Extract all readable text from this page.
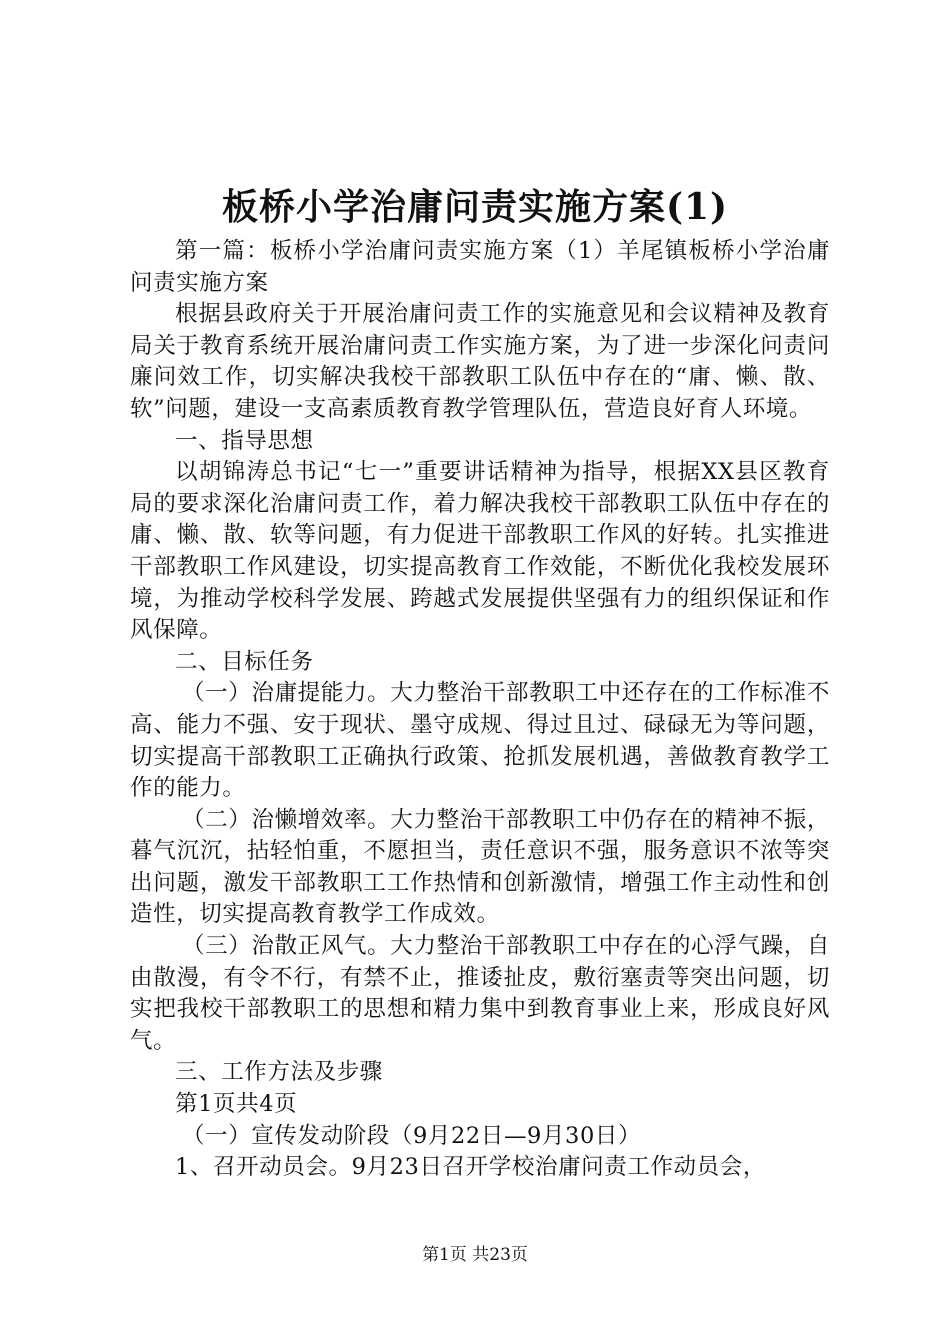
板桥小学治庸问责实施方案(1)

第一篇：板桥小学治庸问责实施方案（1）羊尾镇板桥小学治庸问责实施方案

根据县政府关于开展治庸问责工作的实施意见和会议精神及教育局关于教育系统开展治庸问责工作实施方案，为了进一步深化问责问廉问效工作，切实解决我校干部教职工队伍中存在的“庸、懒、散、软”问题，建设一支高素质教育教学管理队伍，营造良好育人环境。

一、指导思想

以胡锦涛总书记“七一”重要讲话精神为指导，根据XX县区教育局的要求深化治庸问责工作，着力解决我校干部教职工队伍中存在的庸、懒、散、软等问题，有力促进干部教职工作风的好转。扎实推进干部教职工作风建设，切实提高教育工作效能，不断优化我校发展环境，为推动学校科学发展、跨越式发展提供坚强有力的组织保证和作风保障。

二、目标任务

（一）治庸提能力。大力整治干部教职工中还存在的工作标准不高、能力不强、安于现状、墨守成规、得过且过、碌碌无为等问题，切实提高干部教职工正确执行政策、抢抓发展机遇，善做教育教学工作的能力。

（二）治懒增效率。大力整治干部教职工中仍存在的精神不振，暮气沉沉，拈轻怕重，不愿担当，责任意识不强，服务意识不浓等突出问题，激发干部教职工工作热情和创新激情，增强工作主动性和创造性，切实提高教育教学工作成效。

（三）治散正风气。大力整治干部教职工中存在的心浮气躁，自由散漫，有令不行，有禁不止，推诿扯皮，敷衍塞责等突出问题，切实把我校干部教职工的思想和精力集中到教育事业上来，形成良好风气。

三、工作方法及步骤

第1页共4页

（一）宣传发动阶段（9月22日—9月30日）

1、召开动员会。9月23日召开学校治庸问责工作动员会，

第1页 共23页
